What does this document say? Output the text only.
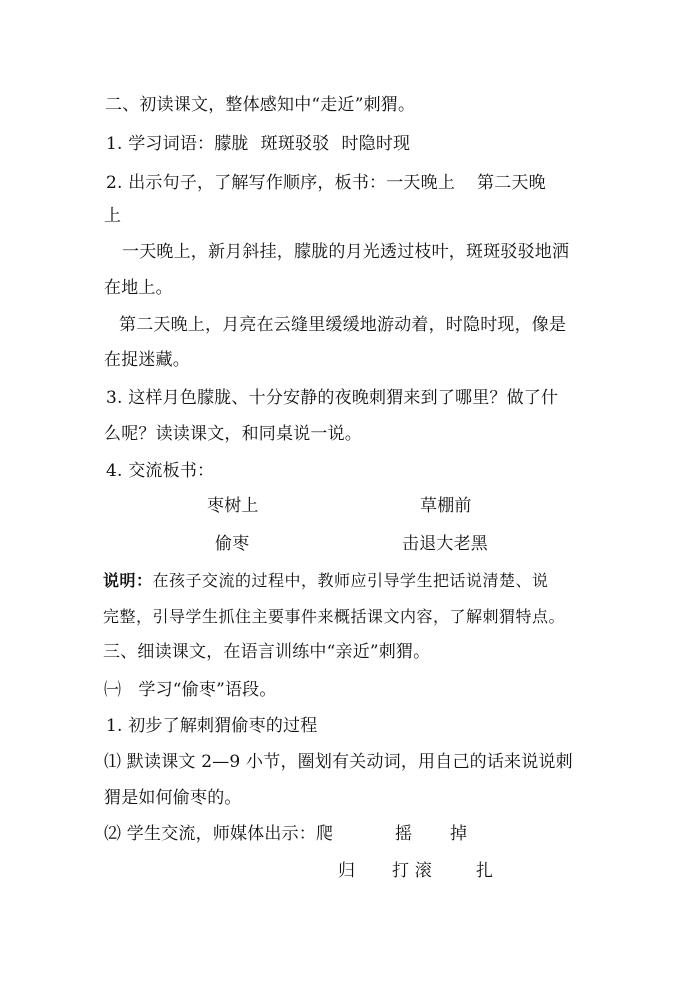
二、初读课文，整体感知中“走近”刺猬。
1. 学习词语：朦胧 斑斑驳驳 时隐时现
2. 出示句子，了解写作顺序，板书：一天晚上 第二天晚
上
一天晚上，新月斜挂，朦胧的月光透过枝叶，斑斑驳驳地洒
在地上。
第二天晚上，月亮在云缝里缓缓地游动着，时隐时现，像是
在捉迷藏。
3. 这样月色朦胧、十分安静的夜晚刺猬来到了哪里？做了什
么呢？读读课文，和同桌说一说。
4. 交流板书：
枣树上	草棚前
偷枣	击退大老黑
说明：在孩子交流的过程中，教师应引导学生把话说清楚、说
完整，引导学生抓住主要事件来概括课文内容，了解刺猬特点。
三、细读课文，在语言训练中“亲近”刺猬。
㈠　学习“偷枣”语段。
1. 初步了解刺猬偷枣的过程
⑴ 默读课文 2—9 小节，圈划有关动词，用自己的话来说说刺
猬是如何偷枣的。
⑵ 学生交流，师媒体出示：爬	摇 掉
归 打 滚	扎
